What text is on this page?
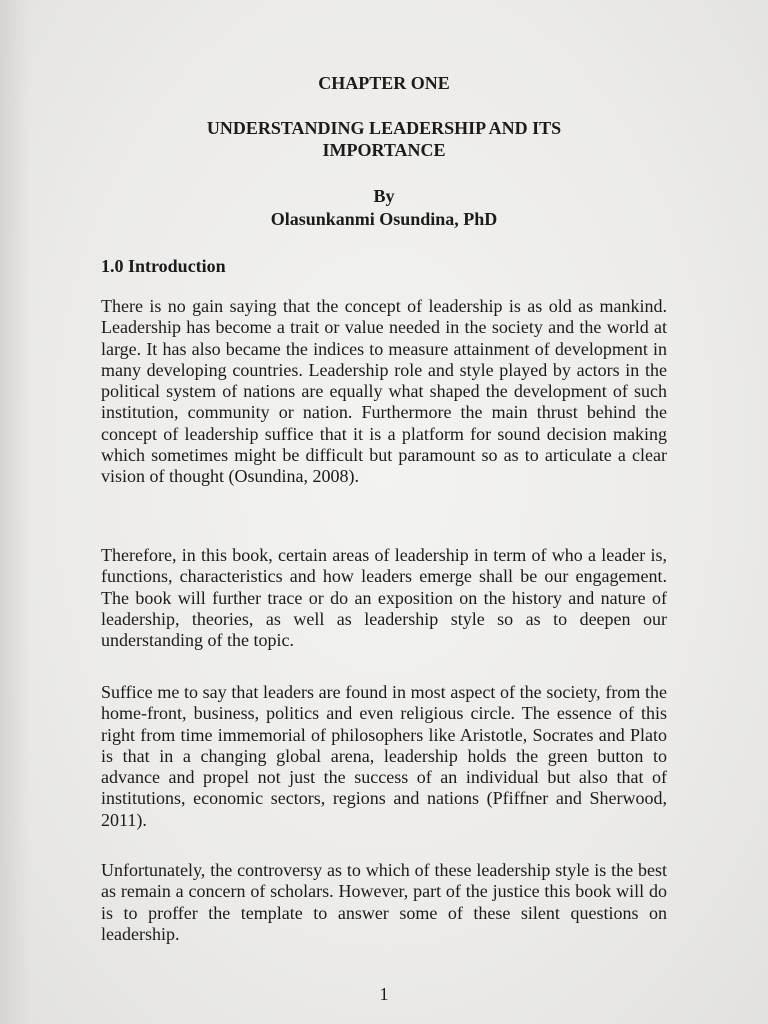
CHAPTER ONE
UNDERSTANDING LEADERSHIP AND ITS IMPORTANCE
By
Olasunkanmi Osundina, PhD
1.0 Introduction

There is no gain saying that the concept of leadership is as old as mankind. Leadership has become a trait or value needed in the society and the world at large. It has also became the indices to measure attainment of development in many developing countries. Leadership role and style played by actors in the political system of nations are equally what shaped the development of such institution, community or nation. Furthermore the main thrust behind the concept of leadership suffice that it is a platform for sound decision making which sometimes might be difficult but paramount so as to articulate a clear vision of thought (Osundina, 2008).

Therefore, in this book, certain areas of leadership in term of who a leader is, functions, characteristics and how leaders emerge shall be our engagement. The book will further trace or do an exposition on the history and nature of leadership, theories, as well as leadership style so as to deepen our understanding of the topic.

Suffice me to say that leaders are found in most aspect of the society, from the home-front, business, politics and even religious circle. The essence of this right from time immemorial of philosophers like Aristotle, Socrates and Plato is that in a changing global arena, leadership holds the green button to advance and propel not just the success of an individual but also that of institutions, economic sectors, regions and nations (Pfiffner and Sherwood, 2011).

Unfortunately, the controversy as to which of these leadership style is the best as remain a concern of scholars. However, part of the justice this book will do is to proffer the template to answer some of these silent questions on leadership.

1
